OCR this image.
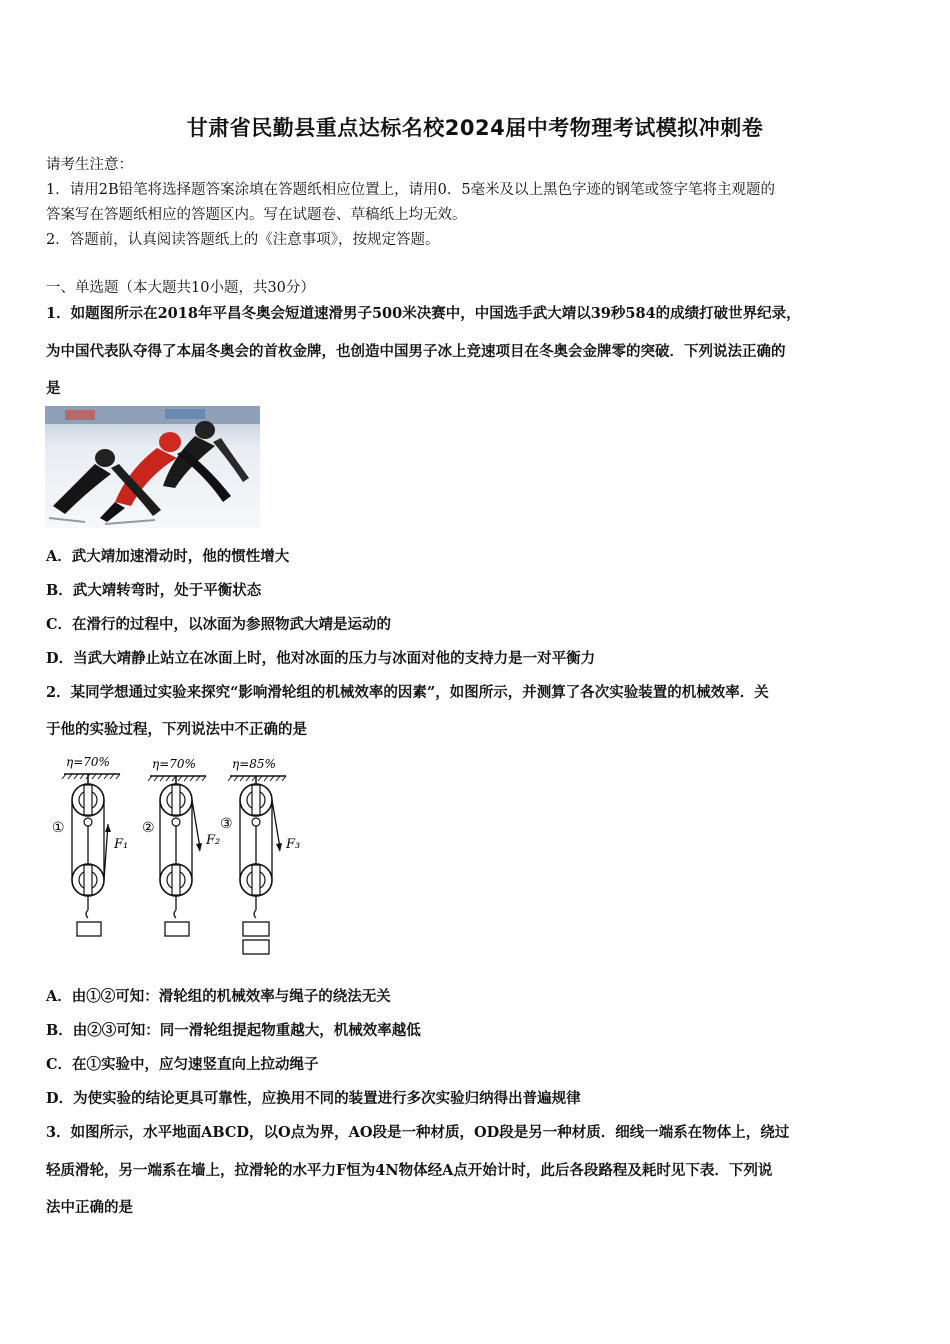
甘肃省民勤县重点达标名校2024届中考物理考试模拟冲刺卷
请考生注意：
1．请用2B铅笔将选择题答案涂填在答题纸相应位置上，请用0．5毫米及以上黑色字迹的钢笔或签字笔将主观题的
答案写在答题纸相应的答题区内。写在试题卷、草稿纸上均无效。
2．答题前，认真阅读答题纸上的《注意事项》，按规定答题。
一、单选题（本大题共10小题，共30分）
1．如题图所示在2018年平昌冬奥会短道速滑男子500米决赛中，中国选手武大靖以39秒584的成绩打破世界纪录，
为中国代表队夺得了本届冬奥会的首枚金牌，也创造中国男子冰上竞速项目在冬奥会金牌零的突破．下列说法正确的
是
A．武大靖加速滑动时，他的惯性增大
B．武大靖转弯时，处于平衡状态
C．在滑行的过程中，以冰面为参照物武大靖是运动的
D．当武大靖静止站立在冰面上时，他对冰面的压力与冰面对他的支持力是一对平衡力
2．某同学想通过实验来探究“影响滑轮组的机械效率的因素”，如图所示，并测算了各次实验装置的机械效率．关
于他的实验过程，下列说法中不正确的是
η=70%
F₁
①
η=70%
F₂
②
η=85%
F₃
③
A．由①②可知：滑轮组的机械效率与绳子的绕法无关
B．由②③可知：同一滑轮组提起物重越大，机械效率越低
C．在①实验中，应匀速竖直向上拉动绳子
D．为使实验的结论更具可靠性，应换用不同的装置进行多次实验归纳得出普遍规律
3．如图所示，水平地面ABCD，以O点为界，AO段是一种材质，OD段是另一种材质．细线一端系在物体上，绕过
轻质滑轮，另一端系在墙上，拉滑轮的水平力F恒为4N物体经A点开始计时，此后各段路程及耗时见下表．下列说
法中正确的是
